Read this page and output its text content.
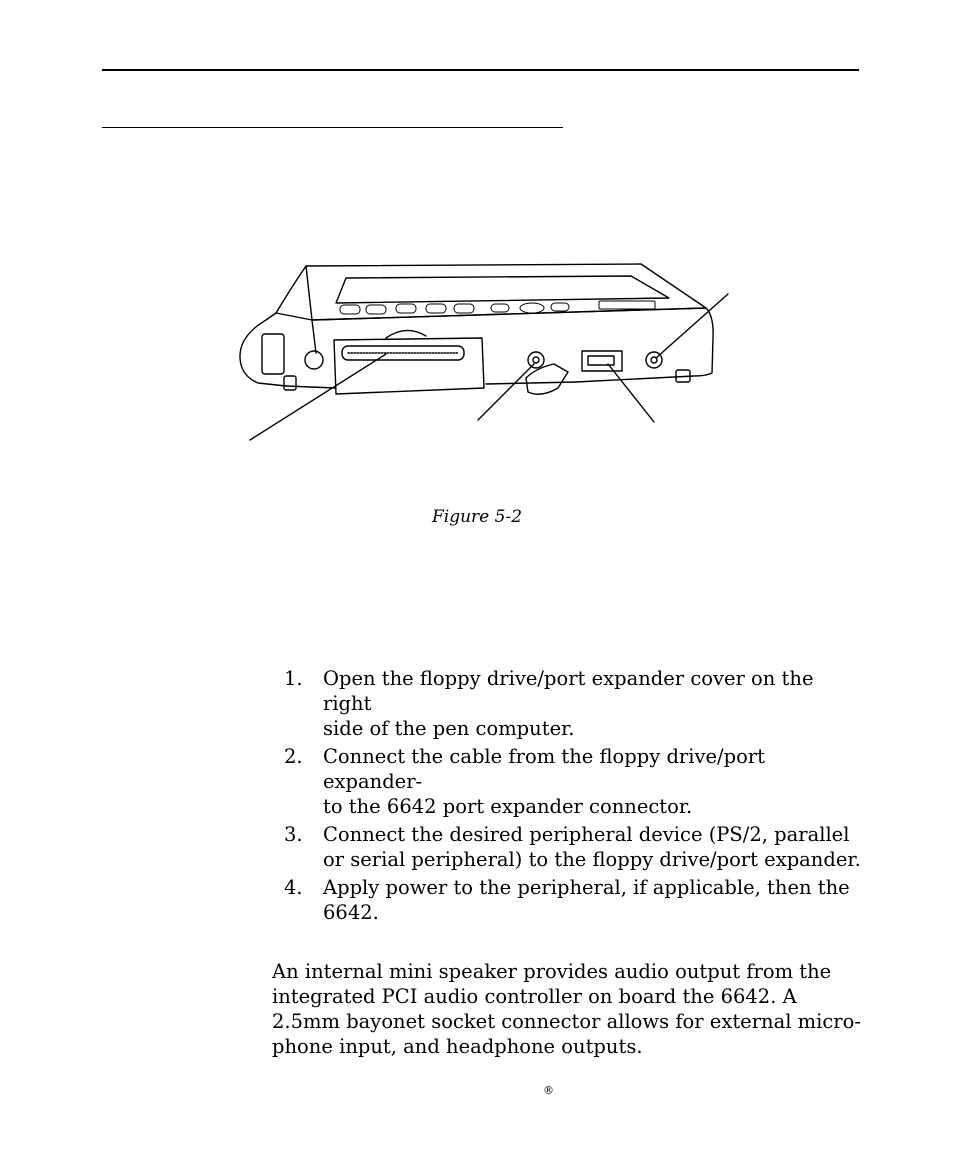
Figure 5-2
1. Open the floppy drive/port expander cover on the right
side of the pen computer.
2. Connect the cable from the floppy drive/port expander-
to the 6642 port expander connector.
3. Connect the desired peripheral device (PS/2, parallel
or serial peripheral) to the floppy drive/port expander.
4. Apply power to the peripheral, if applicable, then the
6642.

An internal mini speaker provides audio output from the
integrated PCI audio controller on board the 6642. A
2.5mm bayonet socket connector allows for external micro-
phone input, and headphone outputs.

®
